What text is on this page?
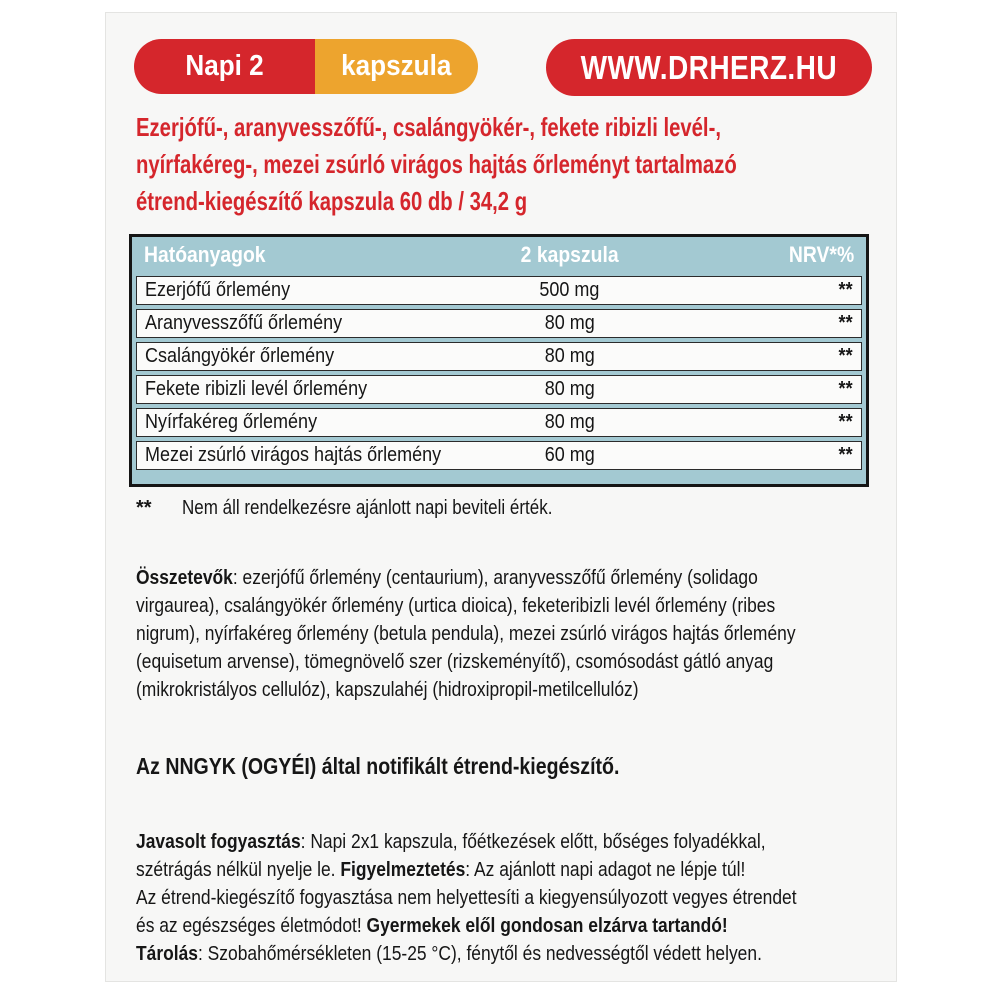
Napi 2	kapszula	WWW.DRHERZ.HU
Ezerjófű-, aranyvesszőfű-, csalángyökér-, fekete ribizli levél-,
nyírfakéreg-, mezei zsúrló virágos hajtás őrleményt tartalmazó
étrend-kiegészítő kapszula 60 db / 34,2 g
Hatóanyagok	2 kapszula	NRV*%
Ezerjófű őrlemény	500 mg	**
Aranyvesszőfű őrlemény	80 mg	**
Csalángyökér őrlemény	80 mg	**
Fekete ribizli levél őrlemény	80 mg	**
Nyírfakéreg őrlemény	80 mg	**
Mezei zsúrló virágos hajtás őrlemény	60 mg	**
**	Nem áll rendelkezésre ajánlott napi beviteli érték.
Összetevők: ezerjófű őrlemény (centaurium), aranyvesszőfű őrlemény (solidago
virgaurea), csalángyökér őrlemény (urtica dioica), feketeribizli levél őrlemény (ribes
nigrum), nyírfakéreg őrlemény (betula pendula), mezei zsúrló virágos hajtás őrlemény
(equisetum arvense), tömegnövelő szer (rizskeményítő), csomósodást gátló anyag
(mikrokristályos cellulóz), kapszulahéj (hidroxipropil-metilcellulóz)
Az NNGYK (OGYÉI) által notifikált étrend-kiegészítő.
Javasolt fogyasztás: Napi 2x1 kapszula, főétkezések előtt, bőséges folyadékkal,
szétrágás nélkül nyelje le. Figyelmeztetés: Az ajánlott napi adagot ne lépje túl!
Az étrend-kiegészítő fogyasztása nem helyettesíti a kiegyensúlyozott vegyes étrendet
és az egészséges életmódot! Gyermekek elől gondosan elzárva tartandó!
Tárolás: Szobahőmérsékleten (15-25 °C), fénytől és nedvességtől védett helyen.
